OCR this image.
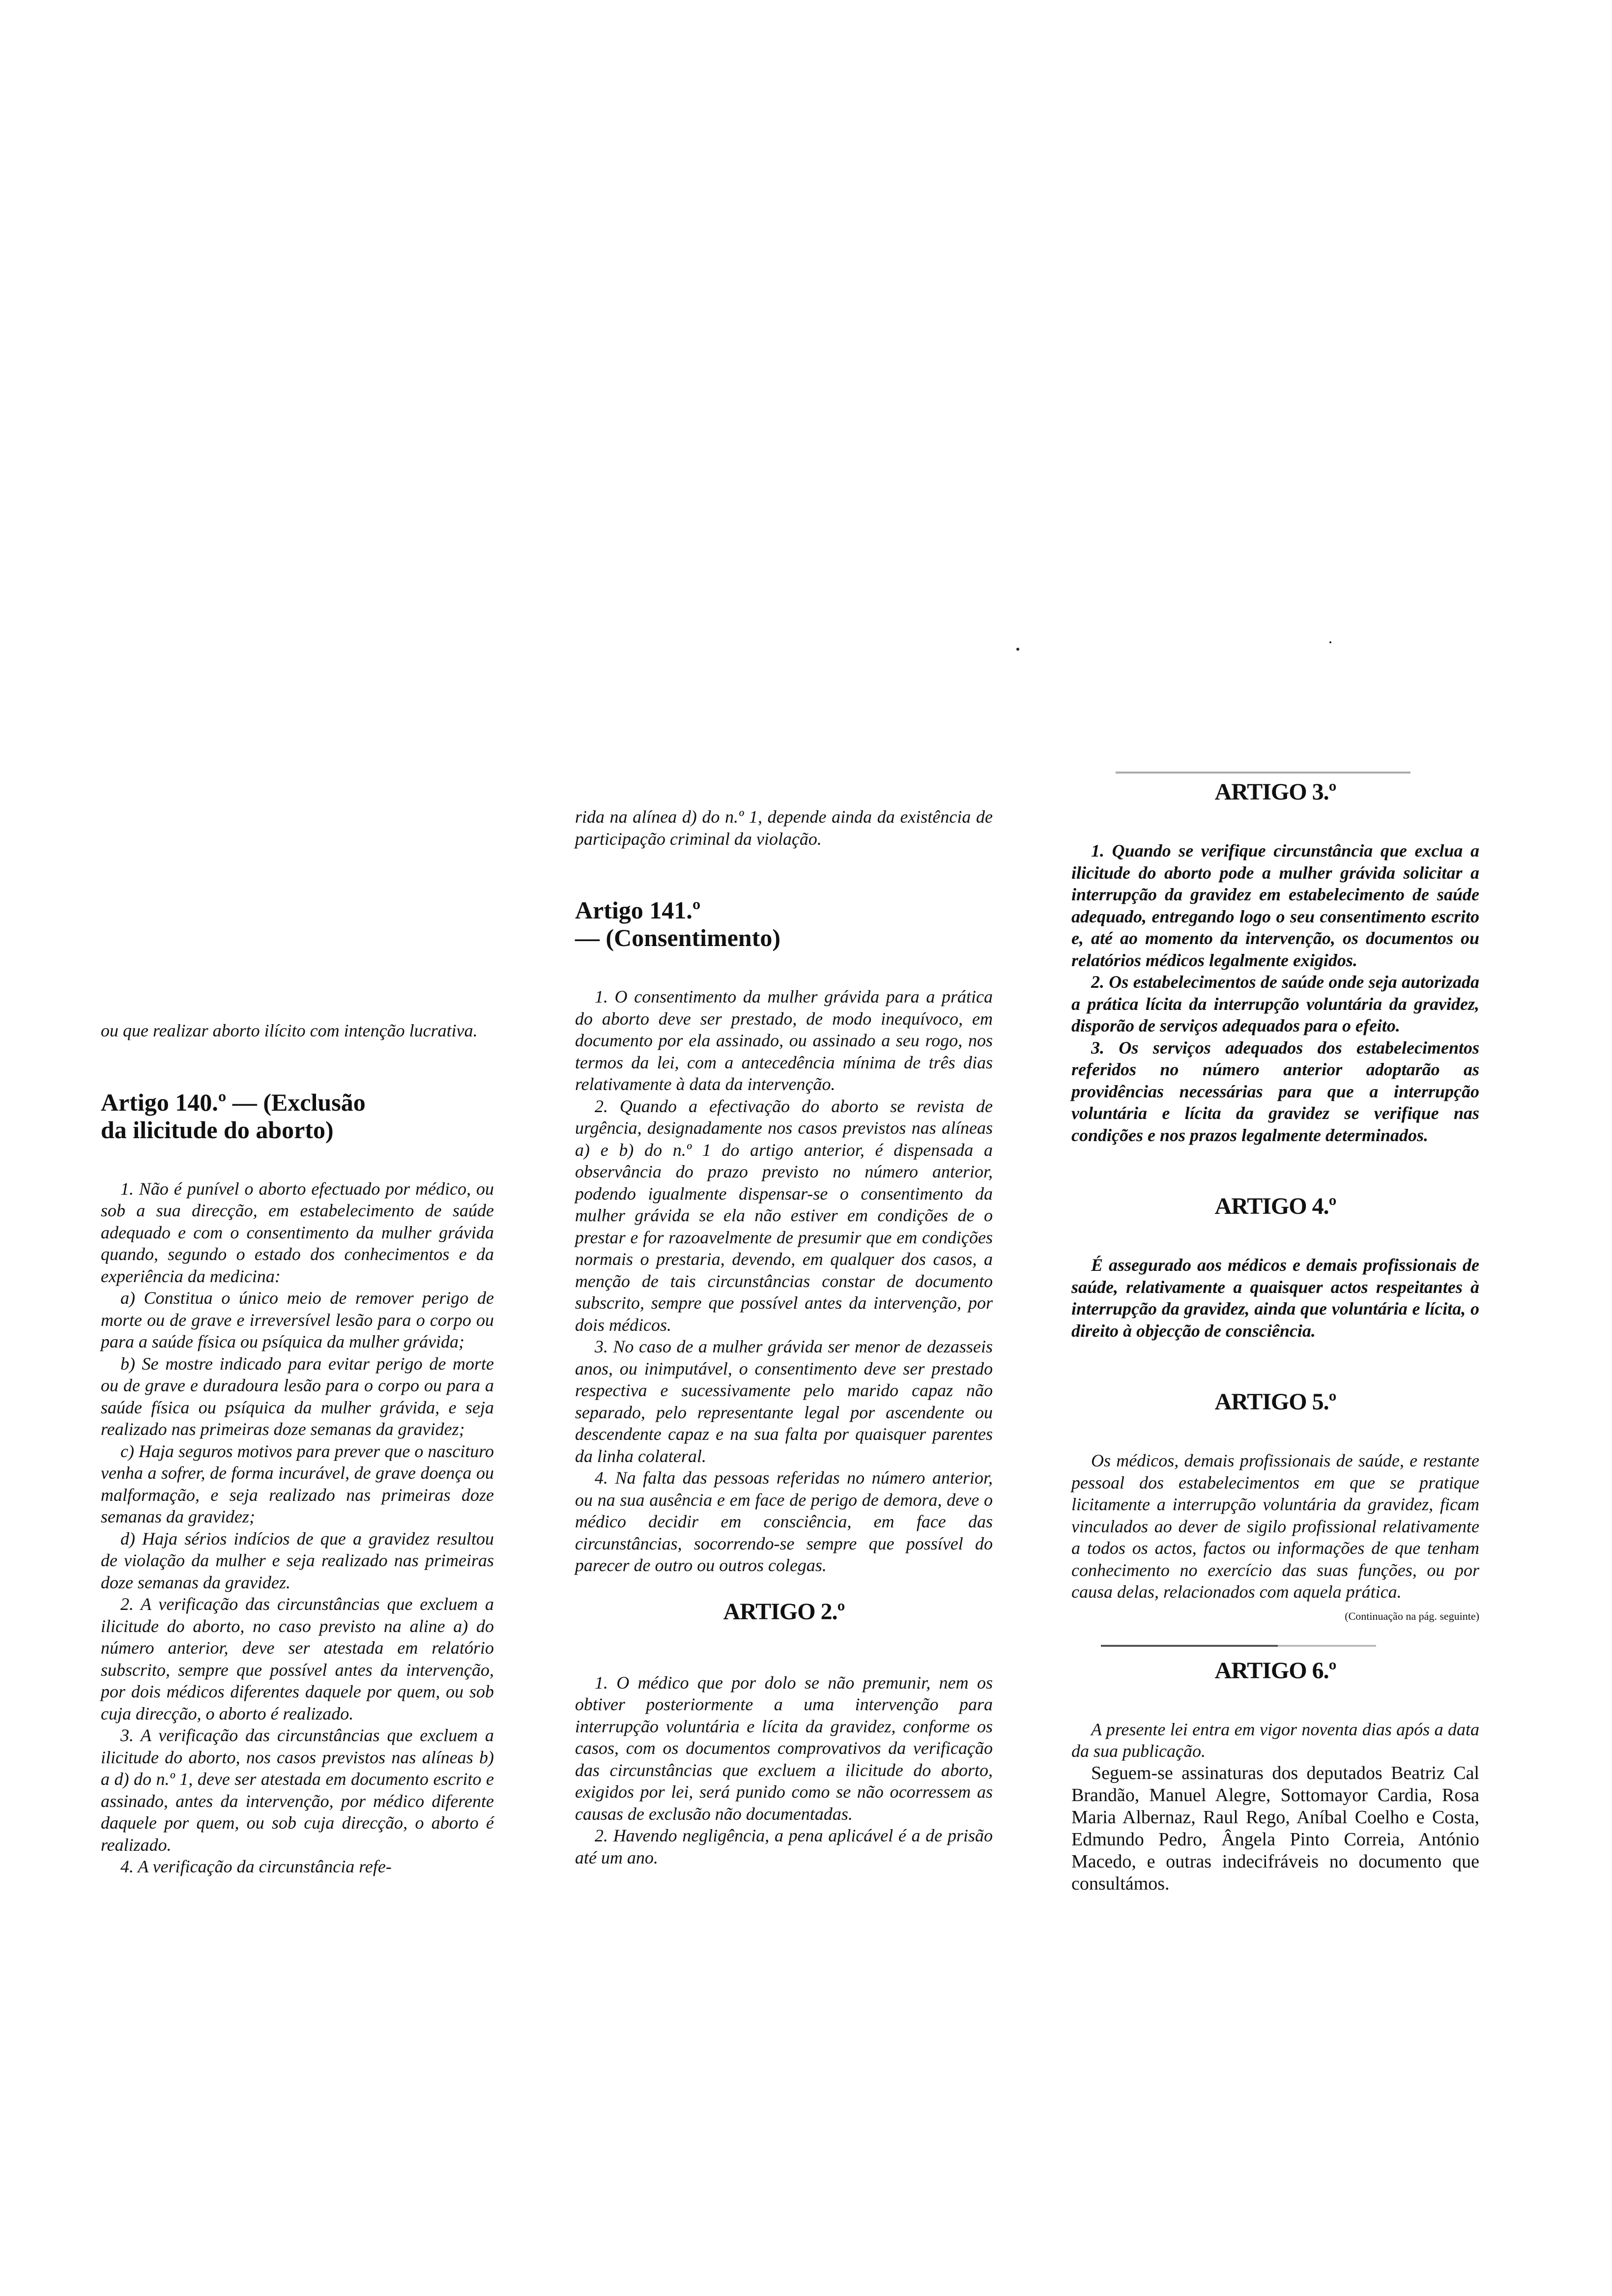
ou que realizar aborto ilícito com intenção lucrativa.

Artigo 140.º — (Exclusão
da ilicitude do aborto)

1. Não é punível o aborto efectuado por médico, ou sob a sua direcção, em estabelecimento de saúde adequado e com o consentimento da mulher grávida quando, segundo o estado dos conhecimentos e da experiência da medicina:

a) Constitua o único meio de remover perigo de morte ou de grave e irreversível lesão para o corpo ou para a saúde física ou psíquica da mulher grávida;

b) Se mostre indicado para evitar perigo de morte ou de grave e duradoura lesão para o corpo ou para a saúde física ou psíquica da mulher grávida, e seja realizado nas primeiras doze semanas da gravidez;

c) Haja seguros motivos para prever que o nascituro venha a sofrer, de forma incurável, de grave doença ou malformação, e seja realizado nas primeiras doze semanas da gravidez;

d) Haja sérios indícios de que a gravidez resultou de violação da mulher e seja realizado nas primeiras doze semanas da gravidez.

2. A verificação das circunstâncias que excluem a ilicitude do aborto, no caso previsto na aline a) do número anterior, deve ser atestada em relatório subscrito, sempre que possível antes da intervenção, por dois médicos diferentes daquele por quem, ou sob cuja direcção, o aborto é realizado.

3. A verificação das circunstâncias que excluem a ilicitude do aborto, nos casos previstos nas alíneas b) a d) do n.º 1, deve ser atestada em documento escrito e assinado, antes da intervenção, por médico diferente daquele por quem, ou sob cuja direcção, o aborto é realizado.

4. A verificação da circunstância refe-

rida na alínea d) do n.º 1, depende ainda da existência de participação criminal da violação.

Artigo 141.º
— (Consentimento)

1. O consentimento da mulher grávida para a prática do aborto deve ser prestado, de modo inequívoco, em documento por ela assinado, ou assinado a seu rogo, nos termos da lei, com a antecedência mínima de três dias relativamente à data da intervenção.

2. Quando a efectivação do aborto se revista de urgência, designadamente nos casos previstos nas alíneas a) e b) do n.º 1 do artigo anterior, é dispensada a observância do prazo previsto no número anterior, podendo igualmente dispensar-se o consentimento da mulher grávida se ela não estiver em condições de o prestar e for razoavelmente de presumir que em condições normais o prestaria, devendo, em qualquer dos casos, a menção de tais circunstâncias constar de documento subscrito, sempre que possível antes da intervenção, por dois médicos.

3. No caso de a mulher grávida ser menor de dezasseis anos, ou inimputável, o consentimento deve ser prestado respectiva e sucessivamente pelo marido capaz não separado, pelo representante legal por ascendente ou descendente capaz e na sua falta por quaisquer parentes da linha colateral.

4. Na falta das pessoas referidas no número anterior, ou na sua ausência e em face de perigo de demora, deve o médico decidir em consciência, em face das circunstâncias, socorrendo-se sempre que possível do parecer de outro ou outros colegas.

ARTIGO 2.º

1. O médico que por dolo se não premunir, nem os obtiver posteriormente a uma intervenção para interrupção voluntária e lícita da gravidez, conforme os casos, com os documentos comprovativos da verificação das circunstâncias que excluem a ilicitude do aborto, exigidos por lei, será punido como se não ocorressem as causas de exclusão não documentadas.

2. Havendo negligência, a pena aplicável é a de prisão até um ano.

ARTIGO 3.º

1. Quando se verifique circunstância que exclua a ilicitude do aborto pode a mulher grávida solicitar a interrupção da gravidez em estabelecimento de saúde adequado, entregando logo o seu consentimento escrito e, até ao momento da intervenção, os documentos ou relatórios médicos legalmente exigidos.

2. Os estabelecimentos de saúde onde seja autorizada a prática lícita da interrupção voluntária da gravidez, disporão de serviços adequados para o efeito.

3. Os serviços adequados dos estabelecimentos referidos no número anterior adoptarão as providências necessárias para que a interrupção voluntária e lícita da gravidez se verifique nas condições e nos prazos legalmente determinados.

ARTIGO 4.º

É assegurado aos médicos e demais profissionais de saúde, relativamente a quaisquer actos respeitantes à interrupção da gravidez, ainda que voluntária e lícita, o direito à objecção de consciência.

ARTIGO 5.º

Os médicos, demais profissionais de saúde, e restante pessoal dos estabelecimentos em que se pratique licitamente a interrupção voluntária da gravidez, ficam vinculados ao dever de sigilo profissional relativamente a todos os actos, factos ou informações de que tenham conhecimento no exercício das suas funções, ou por causa delas, relacionados com aquela prática.

(Continuação na pág. seguinte)

ARTIGO 6.º

A presente lei entra em vigor noventa dias após a data da sua publicação.

Seguem-se assinaturas dos deputados Beatriz Cal Brandão, Manuel Alegre, Sottomayor Cardia, Rosa Maria Albernaz, Raul Rego, Aníbal Coelho e Costa, Edmundo Pedro, Ângela Pinto Correia, António Macedo, e outras indecifráveis no documento que consultámos.
